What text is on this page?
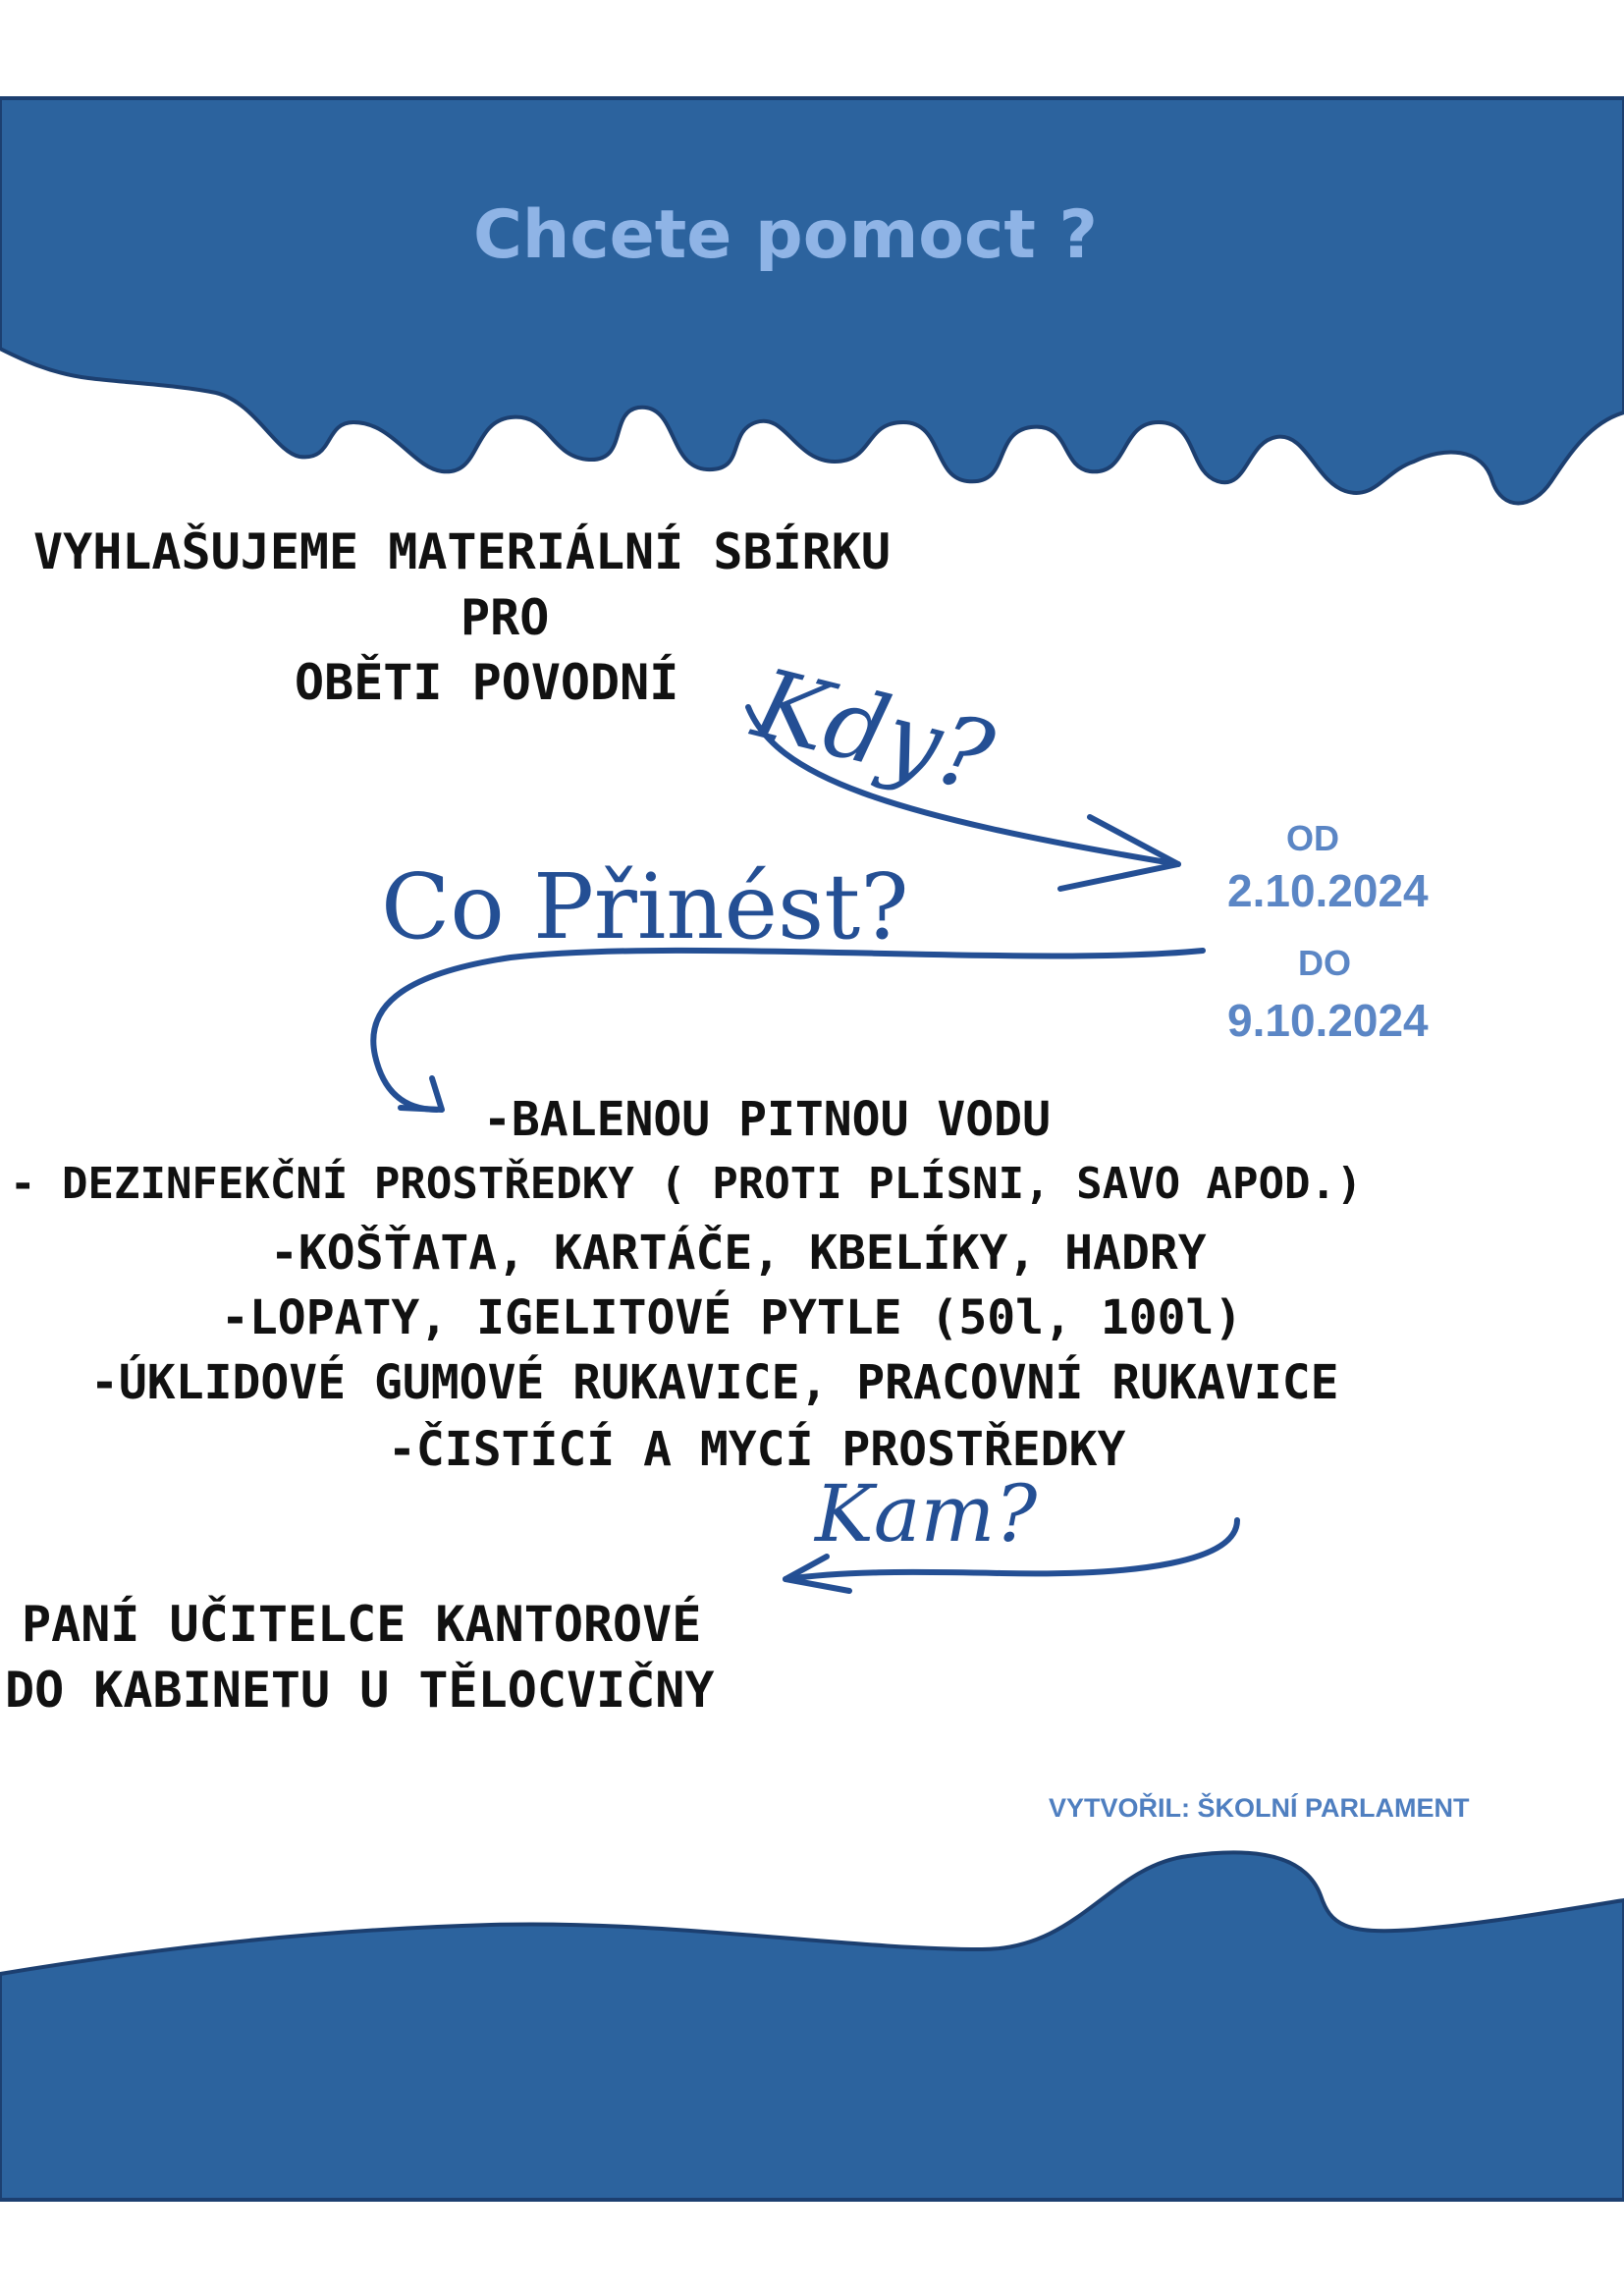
Chcete pomoct ?
VYHLAŠUJEME MATERIÁLNÍ SBÍRKU
PRO
OBĚTI POVODNÍ Kdy?
Co Přinést?
Kam?
OD
2.10.2024
DO
9.10.2024
-BALENOU PITNOU VODU
- DEZINFEKČNÍ PROSTŘEDKY ( PROTI PLÍSNI, SAVO APOD.)
-KOŠŤATA, KARTÁČE, KBELÍKY, HADRY
-LOPATY, IGELITOVÉ PYTLE (50l, 100l)
-ÚKLIDOVÉ GUMOVÉ RUKAVICE, PRACOVNÍ RUKAVICE
-ČISTÍCÍ A MYCÍ PROSTŘEDKY
PANÍ UČITELCE KANTOROVÉ
DO KABINETU U TĚLOCVIČNY
VYTVOŘIL: ŠKOLNÍ PARLAMENT
